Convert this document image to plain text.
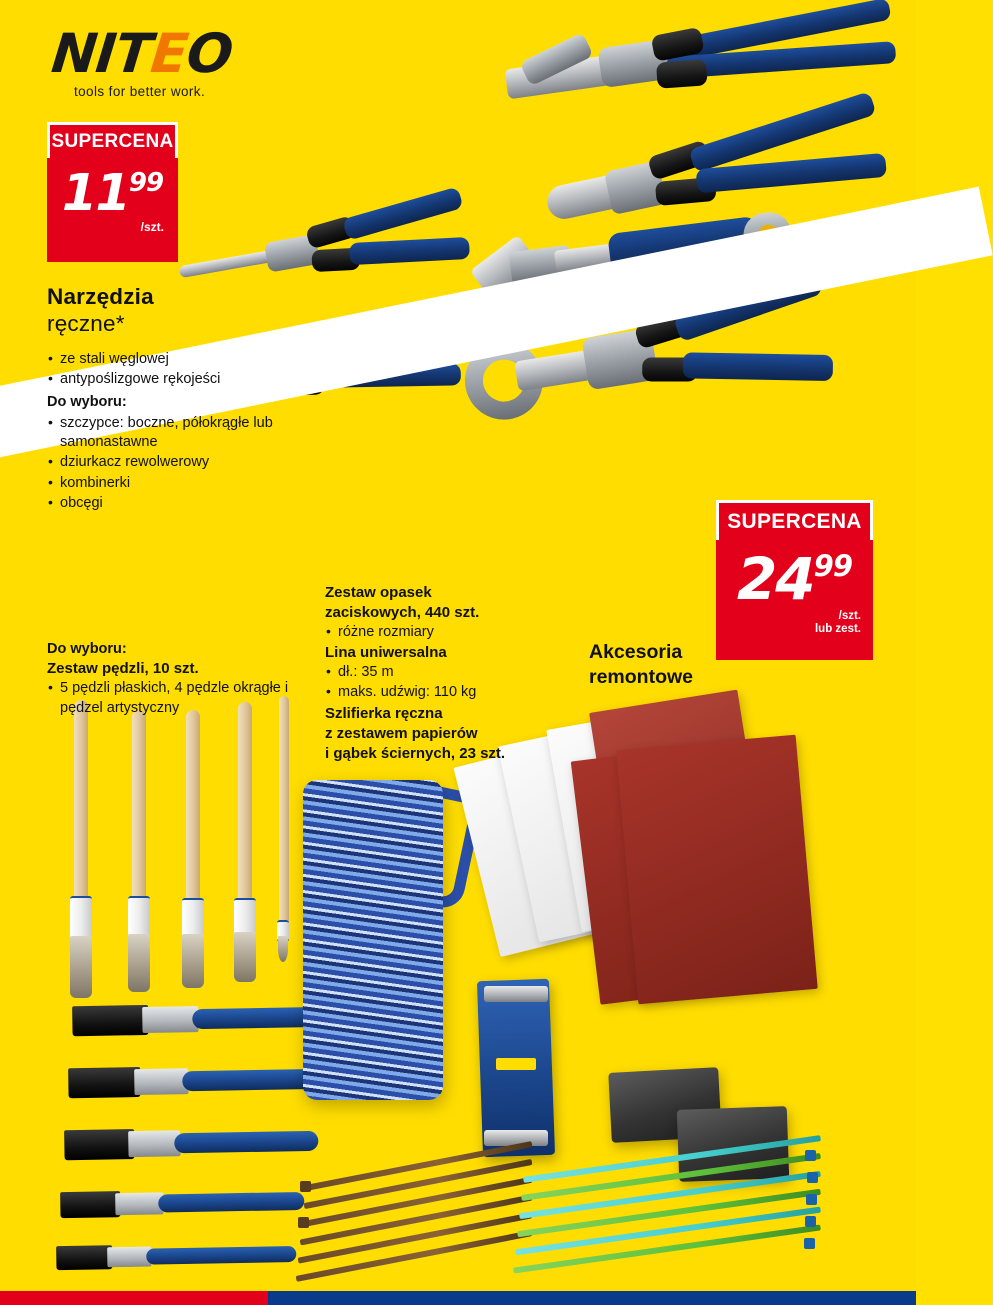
NITEO
tools for better work.
SUPERCENA
11 99
/szt.
Narzędzia
ręczne*
• ze stali węglowej
• antypoślizgowe rękojeści
Do wyboru:
• szczypce: boczne, półokrągłe lub samonastawne
• dziurkacz rewolwerowy
• kombinerki
• obcęgi
SUPERCENA
24 99
/szt.
lub zest.
Zestaw opasek
zaciskowych, 440 szt.
• różne rozmiary
Lina uniwersalna
• dł.: 35 m
• maks. udźwig: 110 kg
Szlifierka ręczna
z zestawem papierów
i gąbek ściernych, 23 szt.
Do wyboru:
Zestaw pędzli, 10 szt.
• 5 pędzli płaskich, 4 pędzle okrągłe i pędzel artystyczny
Akcesoria
remontowe
